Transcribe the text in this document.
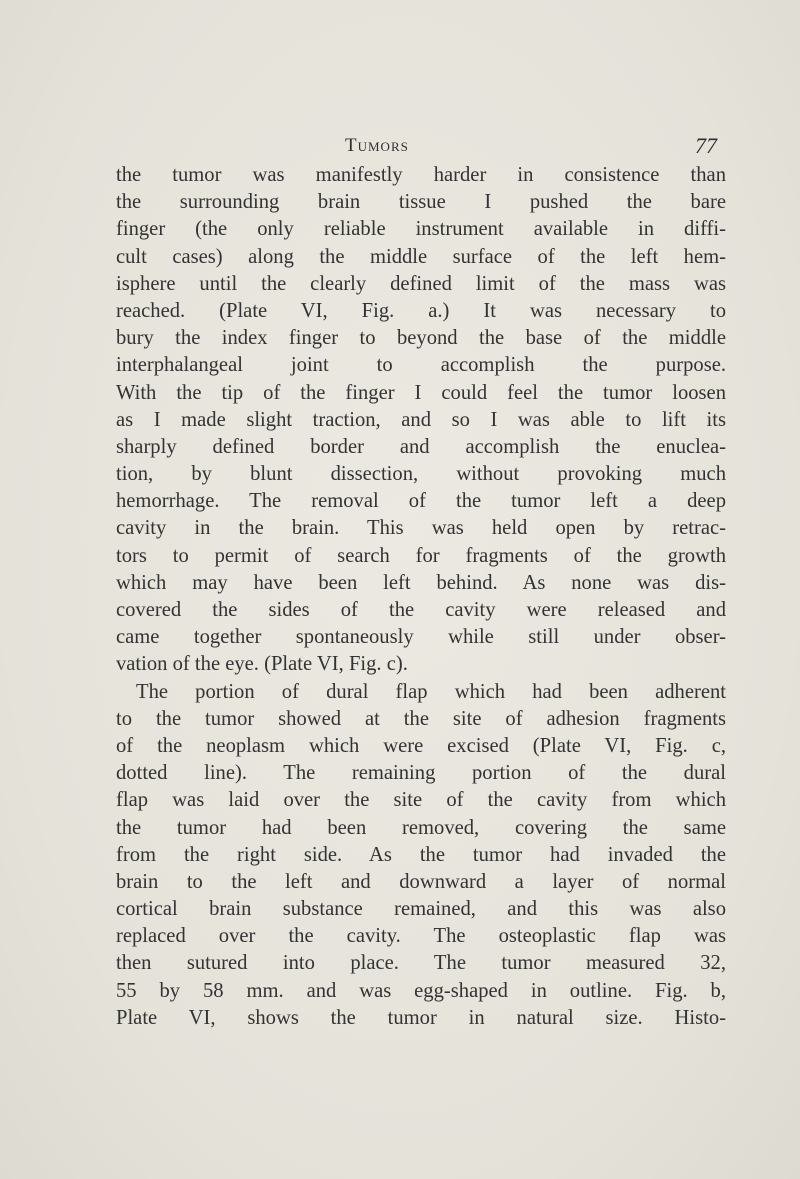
Tumors	77
the tumor was manifestly harder in consistence than
the surrounding brain tissue I pushed the bare
finger (the only reliable instrument available in diffi-
cult cases) along the middle surface of the left hem-
isphere until the clearly defined limit of the mass was
reached. (Plate VI, Fig. a.) It was necessary to
bury the index finger to beyond the base of the middle
interphalangeal joint to accomplish the purpose.
With the tip of the finger I could feel the tumor loosen
as I made slight traction, and so I was able to lift its
sharply defined border and accomplish the enuclea-
tion, by blunt dissection, without provoking much
hemorrhage. The removal of the tumor left a deep
cavity in the brain. This was held open by retrac-
tors to permit of search for fragments of the growth
which may have been left behind. As none was dis-
covered the sides of the cavity were released and
came together spontaneously while still under obser-
vation of the eye. (Plate VI, Fig. c).
The portion of dural flap which had been adherent
to the tumor showed at the site of adhesion fragments
of the neoplasm which were excised (Plate VI, Fig. c,
dotted line). The remaining portion of the dural
flap was laid over the site of the cavity from which
the tumor had been removed, covering the same
from the right side. As the tumor had invaded the
brain to the left and downward a layer of normal
cortical brain substance remained, and this was also
replaced over the cavity. The osteoplastic flap was
then sutured into place. The tumor measured 32,
55 by 58 mm. and was egg-shaped in outline. Fig. b,
Plate VI, shows the tumor in natural size. Histo-
